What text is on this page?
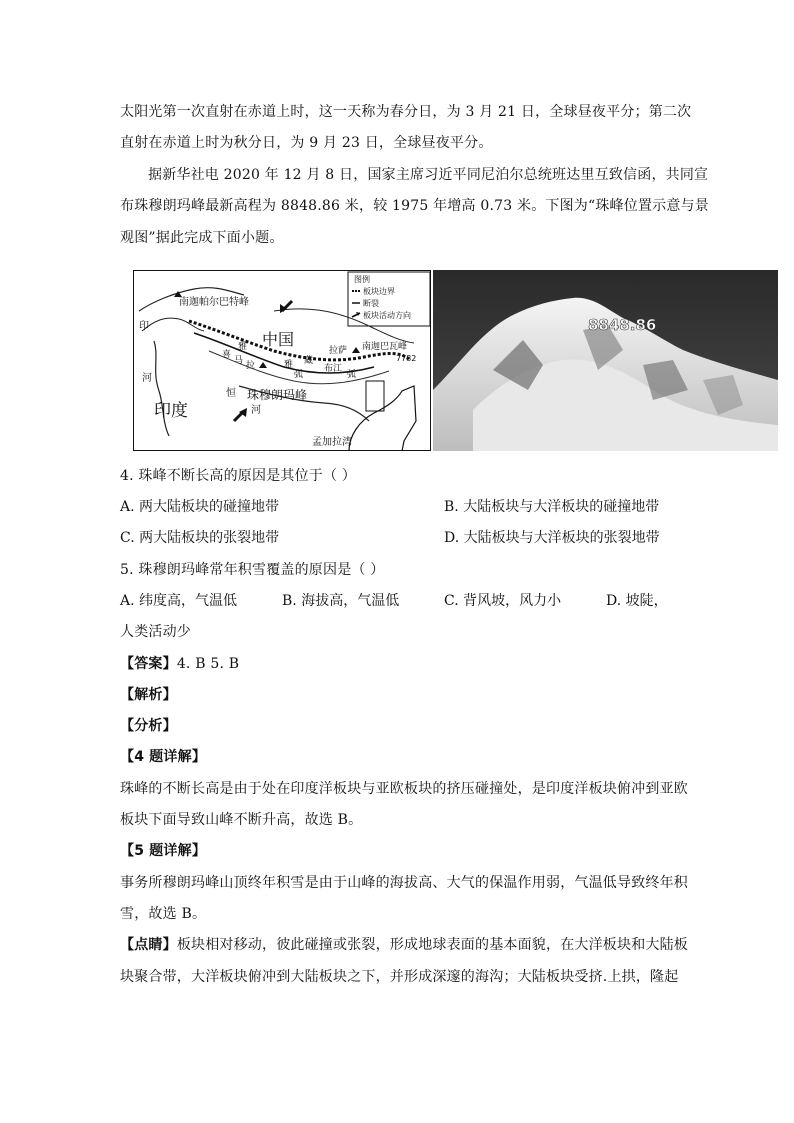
太阳光第一次直射在赤道上时，这一天称为春分日，为 3 月 21 日，全球昼夜平分；第二次
直射在赤道上时为秋分日，为 9 月 23 日，全球昼夜平分。
据新华社电 2020 年 12 月 8 日，国家主席习近平同尼泊尔总统班达里互致信函，共同宣
布珠穆朗玛峰最新高程为 8848.86 米，较 1975 年增高 0.73 米。下图为“珠峰位置示意与景
观图”据此完成下面小题。
图例
板块边界
断裂
板块活动方向
南迦帕尔巴特峰
中国
印度
拉萨 南迦巴瓦峰
7782
珠穆朗玛峰
孟加拉湾
恒
河
印
河
喜
马 拉
雅
雅	布江
藏
弧	弧
8848.86
4. 珠峰不断长高的原因是其位于（ ）
A. 两大陆板块的碰撞地带	B. 大陆板块与大洋板块的碰撞地带
C. 两大陆板块的张裂地带	D. 大陆板块与大洋板块的张裂地带
5. 珠穆朗玛峰常年积雪覆盖的原因是（ ）
A. 纬度高，气温低	B. 海拔高，气温低	C. 背风坡，风力小	D. 坡陡，
人类活动少
【答案】4. B 5. B
【解析】
【分析】
【4 题详解】
珠峰的不断长高是由于处在印度洋板块与亚欧板块的挤压碰撞处，是印度洋板块俯冲到亚欧
板块下面导致山峰不断升高，故选 B。
【5 题详解】
事务所穆朗玛峰山顶终年积雪是由于山峰的海拔高、大气的保温作用弱，气温低导致终年积
雪，故选 B。
【点睛】板块相对移动，彼此碰撞或张裂，形成地球表面的基本面貌，在大洋板块和大陆板
块聚合带，大洋板块俯冲到大陆板块之下，并形成深邃的海沟；大陆板块受挤.上拱，隆起
